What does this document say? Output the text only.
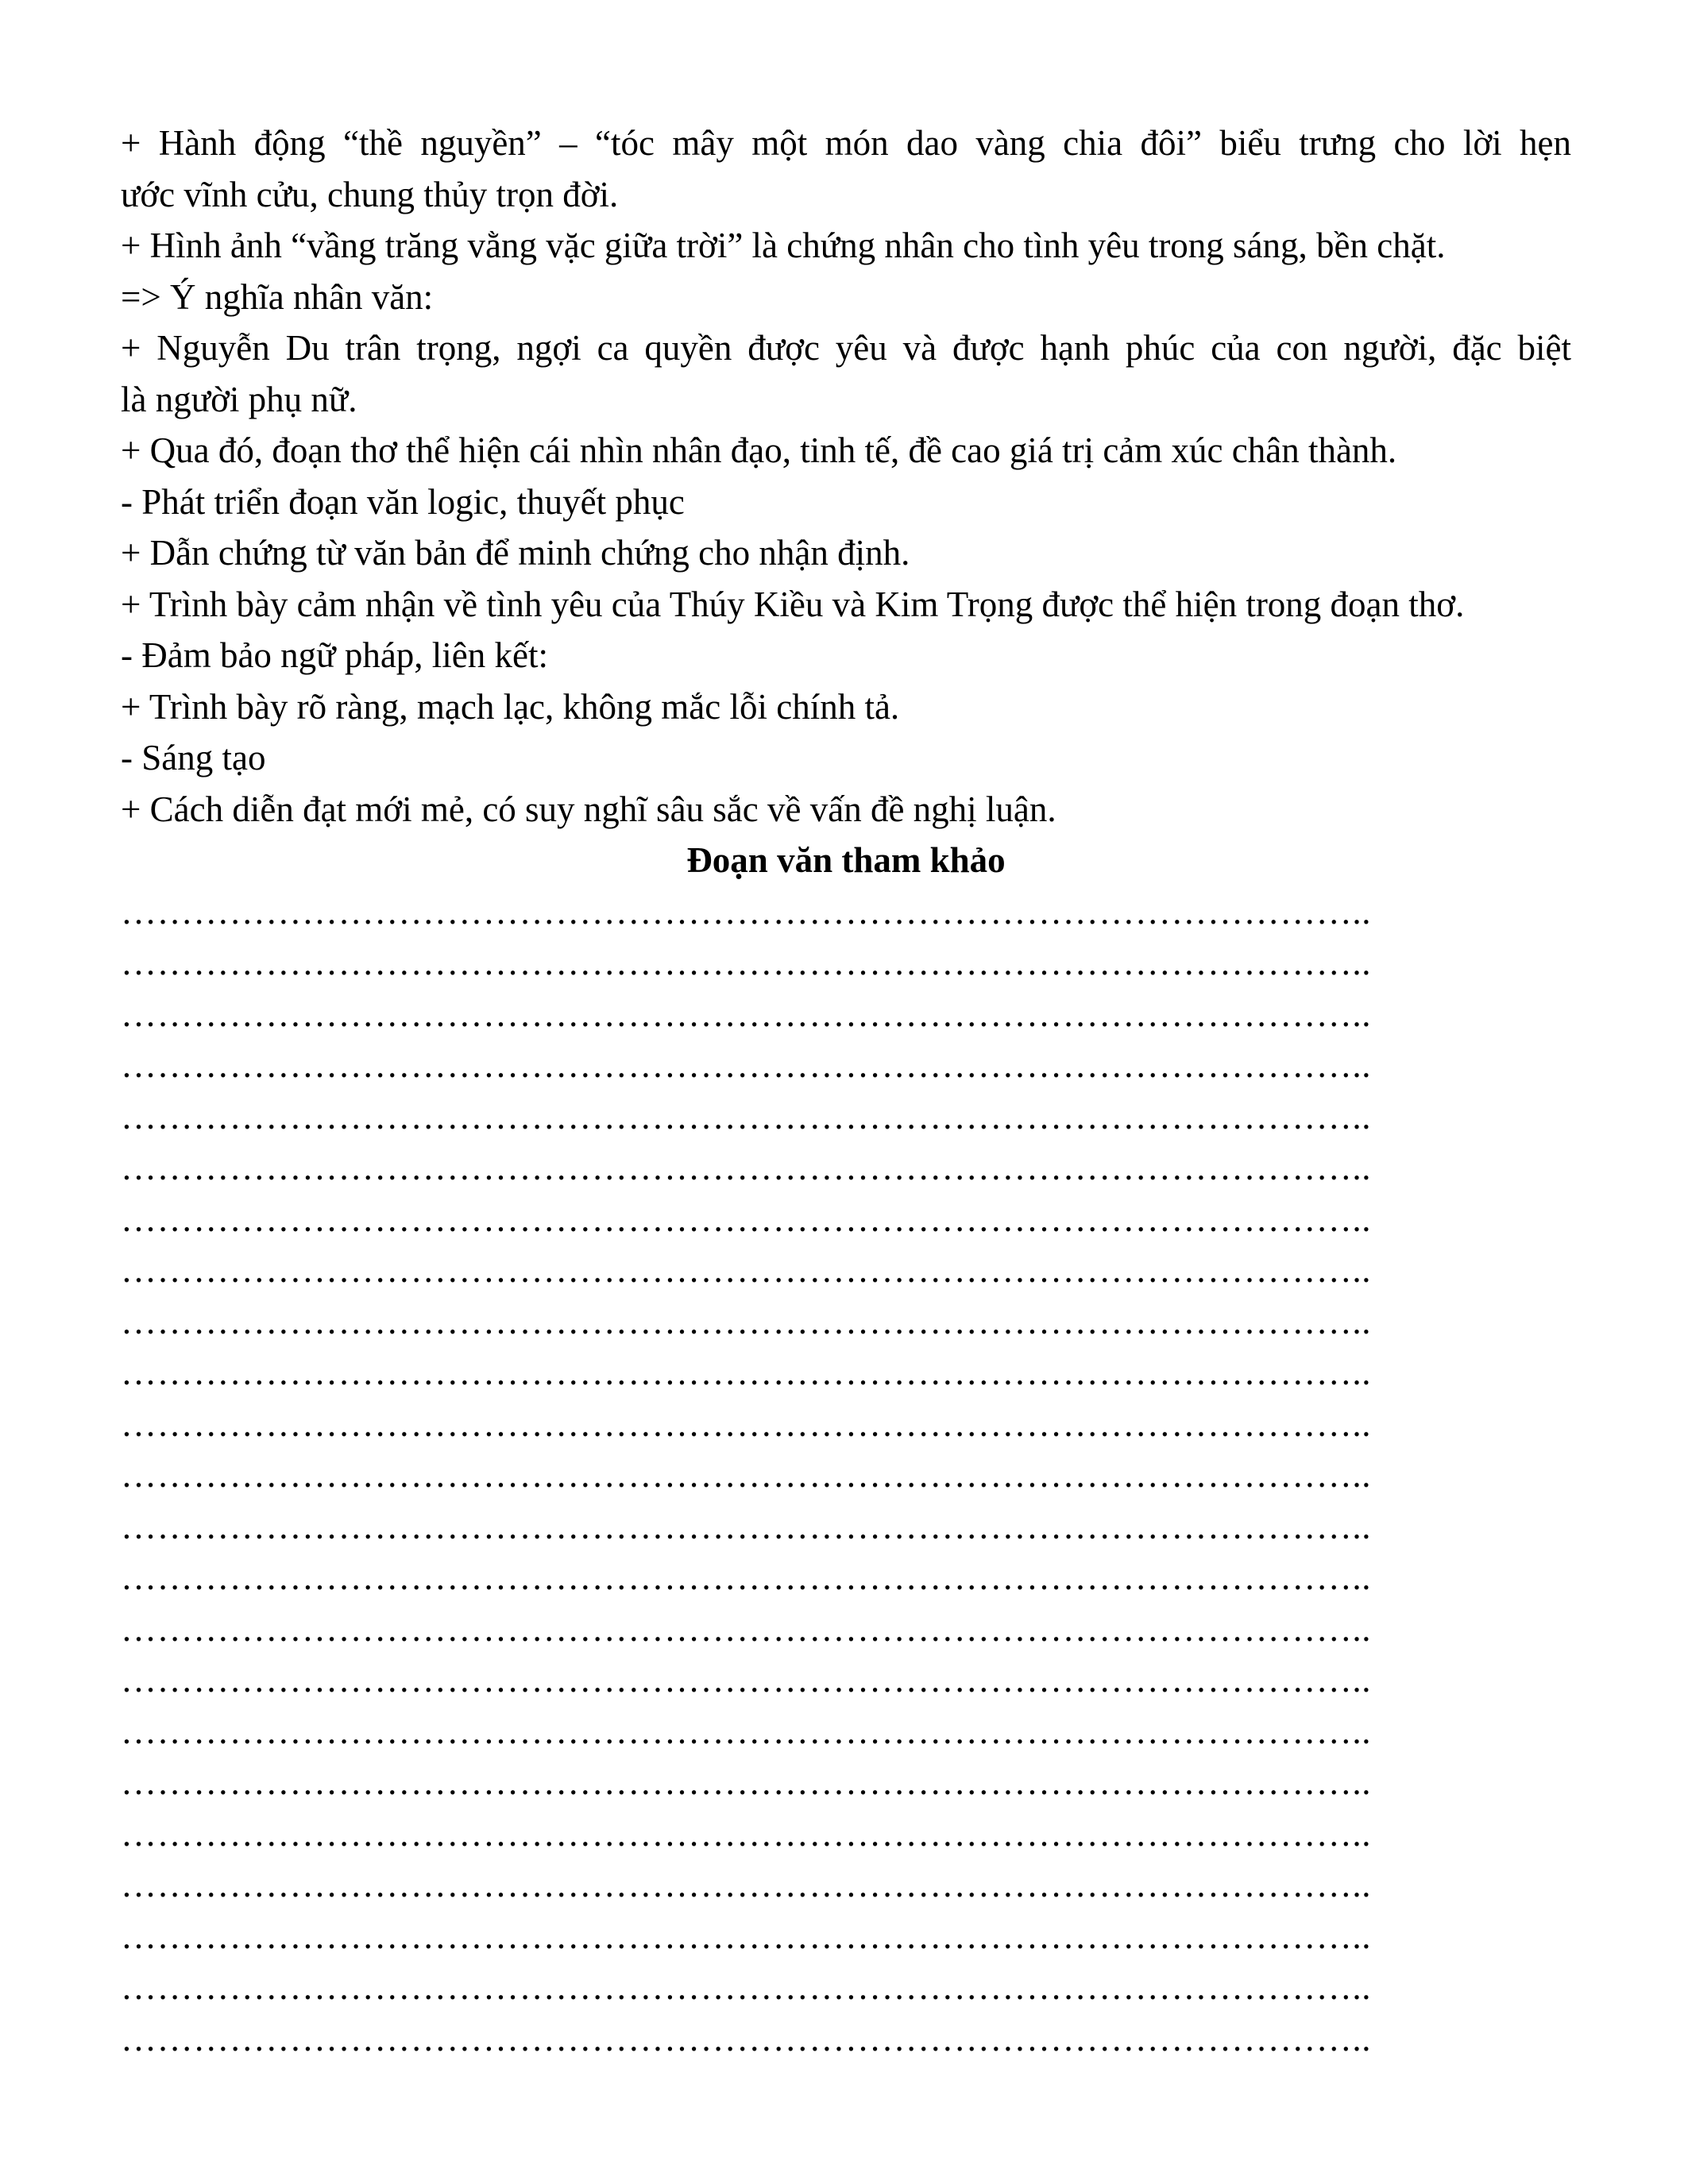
+ Hành động “thề nguyền” – “tóc mây một món dao vàng chia đôi” biểu trưng cho lời hẹn
ước vĩnh cửu, chung thủy trọn đời.
+ Hình ảnh “vầng trăng vằng vặc giữa trời” là chứng nhân cho tình yêu trong sáng, bền chặt.
=> Ý nghĩa nhân văn:
+ Nguyễn Du trân trọng, ngợi ca quyền được yêu và được hạnh phúc của con người, đặc biệt
là người phụ nữ.
+ Qua đó, đoạn thơ thể hiện cái nhìn nhân đạo, tinh tế, đề cao giá trị cảm xúc chân thành.
- Phát triển đoạn văn logic, thuyết phục
+ Dẫn chứng từ văn bản để minh chứng cho nhận định.
+ Trình bày cảm nhận về tình yêu của Thúy Kiều và Kim Trọng được thể hiện trong đoạn thơ.
- Đảm bảo ngữ pháp, liên kết:
+ Trình bày rõ ràng, mạch lạc, không mắc lỗi chính tả.
- Sáng tạo
+ Cách diễn đạt mới mẻ, có suy nghĩ sâu sắc về vấn đề nghị luận.
Đoạn văn tham khảo
…………………………………………………………………………………………..
…………………………………………………………………………………………..
…………………………………………………………………………………………..
…………………………………………………………………………………………..
…………………………………………………………………………………………..
…………………………………………………………………………………………..
…………………………………………………………………………………………..
…………………………………………………………………………………………..
…………………………………………………………………………………………..
…………………………………………………………………………………………..
…………………………………………………………………………………………..
…………………………………………………………………………………………..
…………………………………………………………………………………………..
…………………………………………………………………………………………..
…………………………………………………………………………………………..
…………………………………………………………………………………………..
…………………………………………………………………………………………..
…………………………………………………………………………………………..
…………………………………………………………………………………………..
…………………………………………………………………………………………..
…………………………………………………………………………………………..
…………………………………………………………………………………………..
…………………………………………………………………………………………..
